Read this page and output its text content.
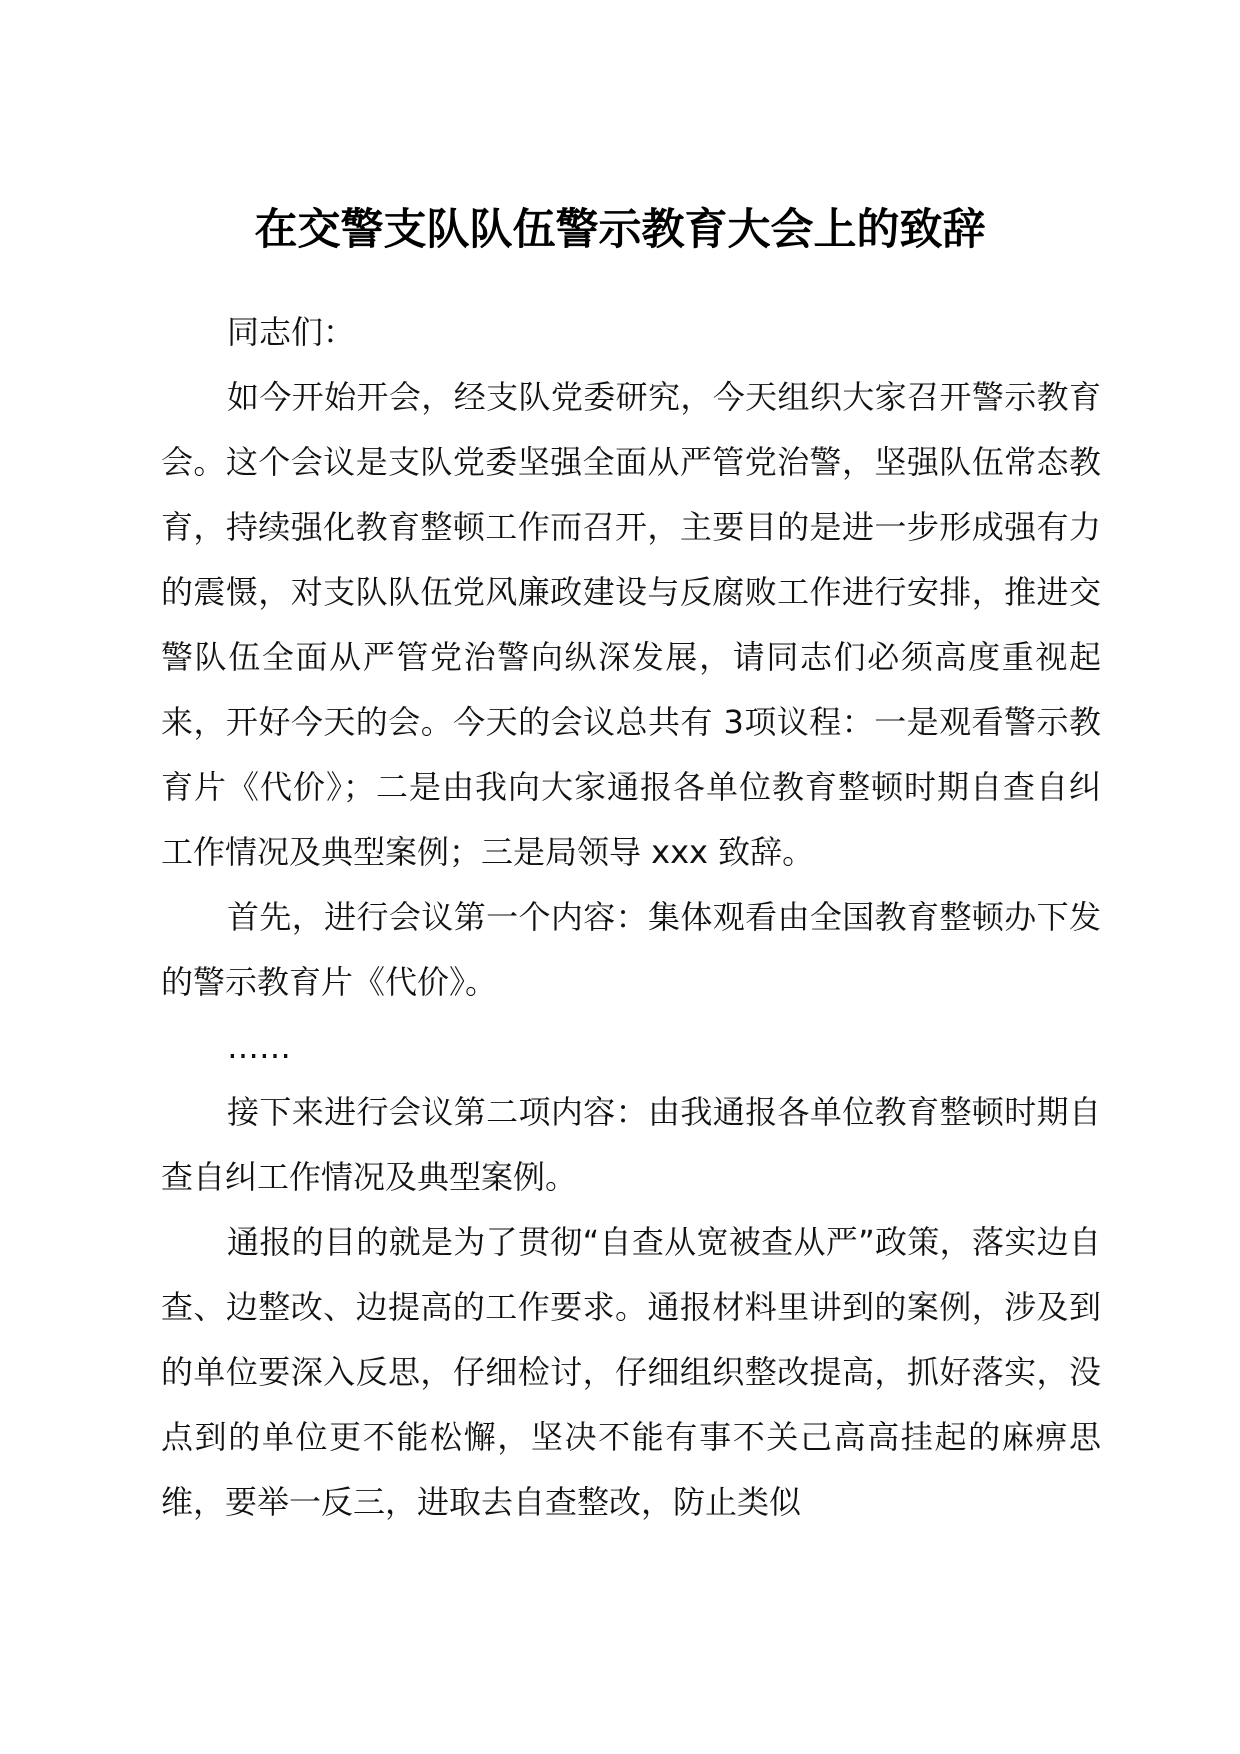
在交警支队队伍警示教育大会上的致辞

同志们：

如今开始开会，经支队党委研究，今天组织大家召开警示教育会。这个会议是支队党委坚强全面从严管党治警，坚强队伍常态教育，持续强化教育整顿工作而召开，主要目的是进一步形成强有力的震慑，对支队队伍党风廉政建设与反腐败工作进行安排，推进交警队伍全面从严管党治警向纵深发展，请同志们必须高度重视起来，开好今天的会。今天的会议总共有 3项议程：一是观看警示教育片《代价》；二是由我向大家通报各单位教育整顿时期自查自纠工作情况及典型案例；三是局领导 xxx 致辞。

首先，进行会议第一个内容：集体观看由全国教育整顿办下发的警示教育片《代价》。

……

接下来进行会议第二项内容：由我通报各单位教育整顿时期自查自纠工作情况及典型案例。

通报的目的就是为了贯彻“自查从宽被查从严”政策，落实边自查、边整改、边提高的工作要求。通报材料里讲到的案例，涉及到的单位要深入反思，仔细检讨，仔细组织整改提高，抓好落实，没点到的单位更不能松懈，坚决不能有事不关己高高挂起的麻痹思维，要举一反三，进取去自查整改，防止类似
